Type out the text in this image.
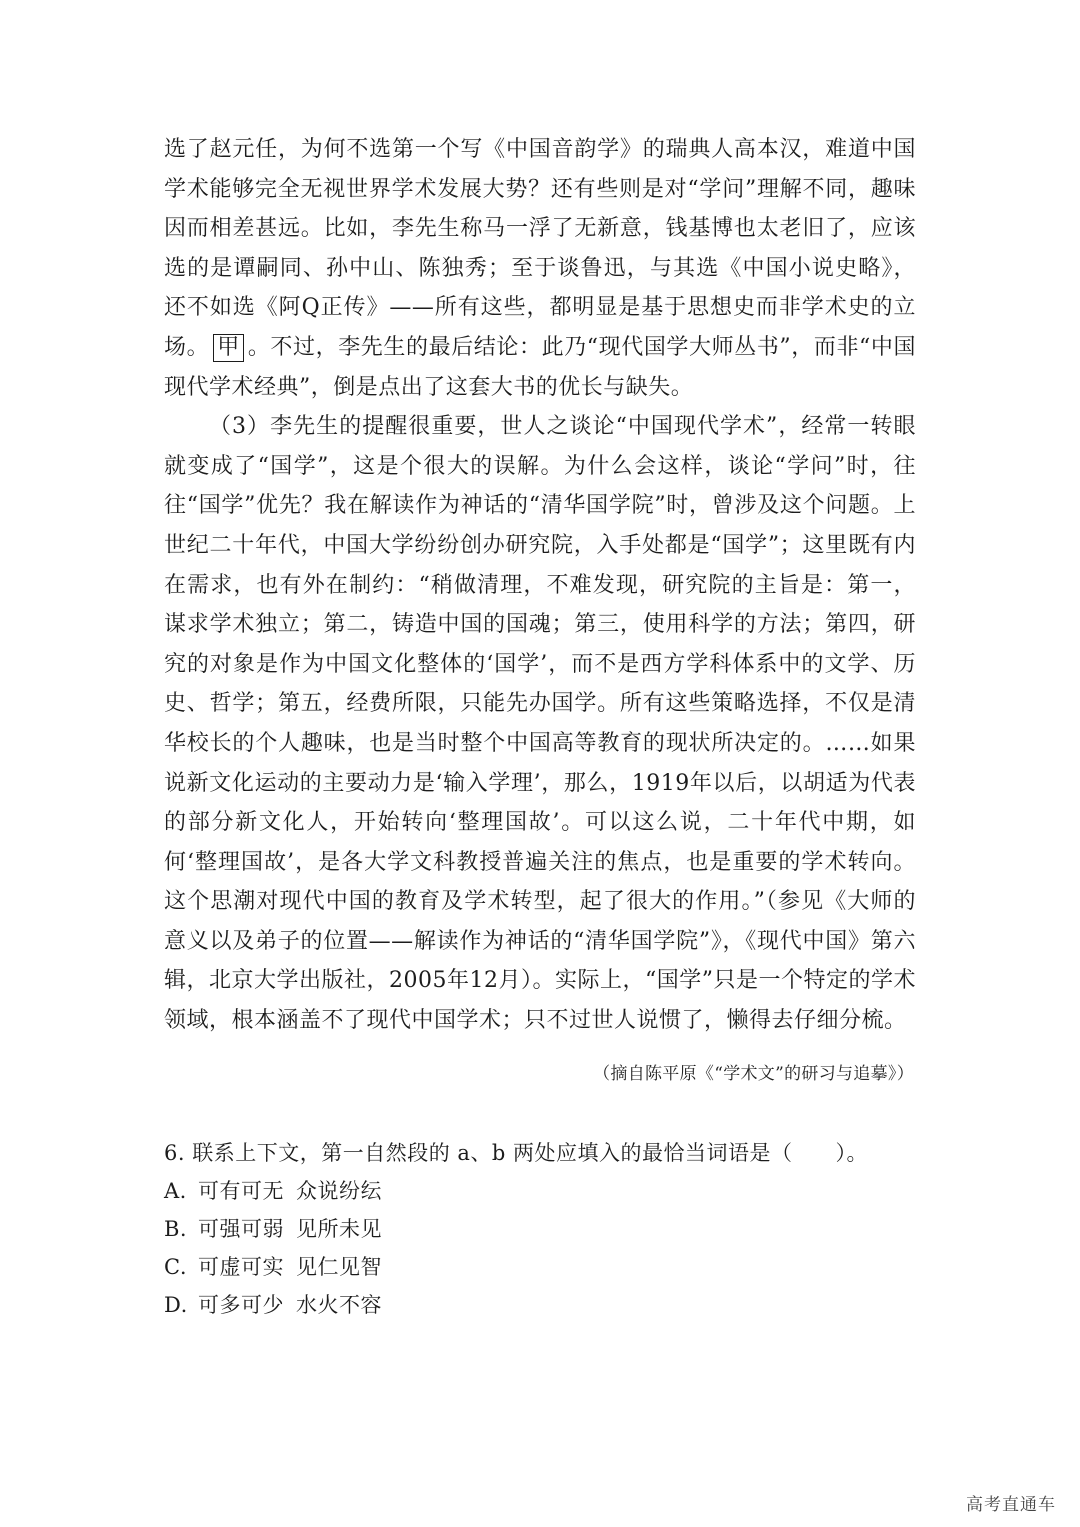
选了赵元任，为何不选第一个写《中国音韵学》的瑞典人高本汉，难道中国学术能够完全无视世界学术发展大势？还有些则是对“学问”理解不同，趣味因而相差甚远。比如，李先生称马一浮了无新意，钱基博也太老旧了，应该选的是谭嗣同、孙中山、陈独秀；至于谈鲁迅，与其选《中国小说史略》，还不如选《阿Q正传》——所有这些，都明显是基于思想史而非学术史的立场。 甲 。不过，李先生的最后结论：此乃“现代国学大师丛书”，而非“中国现代学术经典”，倒是点出了这套大书的优长与缺失。

（3）李先生的提醒很重要，世人之谈论“中国现代学术”，经常一转眼就变成了“国学”，这是个很大的误解。为什么会这样，谈论“学问”时，往往“国学”优先？我在解读作为神话的“清华国学院”时，曾涉及这个问题。上世纪二十年代，中国大学纷纷创办研究院，入手处都是“国学”；这里既有内在需求，也有外在制约：“稍做清理，不难发现，研究院的主旨是：第一，谋求学术独立；第二，铸造中国的国魂；第三，使用科学的方法；第四，研究的对象是作为中国文化整体的‘国学’，而不是西方学科体系中的文学、历史、哲学；第五，经费所限，只能先办国学。所有这些策略选择，不仅是清华校长的个人趣味，也是当时整个中国高等教育的现状所决定的。……如果说新文化运动的主要动力是‘输入学理’，那么，1919年以后，以胡适为代表的部分新文化人，开始转向‘整理国故’。可以这么说，二十年代中期，如何‘整理国故’，是各大学文科教授普遍关注的焦点，也是重要的学术转向。这个思潮对现代中国的教育及学术转型，起了很大的作用。”（参见《大师的意义以及弟子的位置——解读作为神话的“清华国学院”》，《现代中国》第六辑，北京大学出版社，2005年12月）。实际上，“国学”只是一个特定的学术领域，根本涵盖不了现代中国学术；只不过世人说惯了，懒得去仔细分梳。

（摘自陈平原《“学术文”的研习与追摹》）

6. 联系上下文，第一自然段的 a、b 两处应填入的最恰当词语是（　　）。

A. 可有可无 众说纷纭
B. 可强可弱 见所未见
C. 可虚可实 见仁见智
D. 可多可少 水火不容
高考直通车
